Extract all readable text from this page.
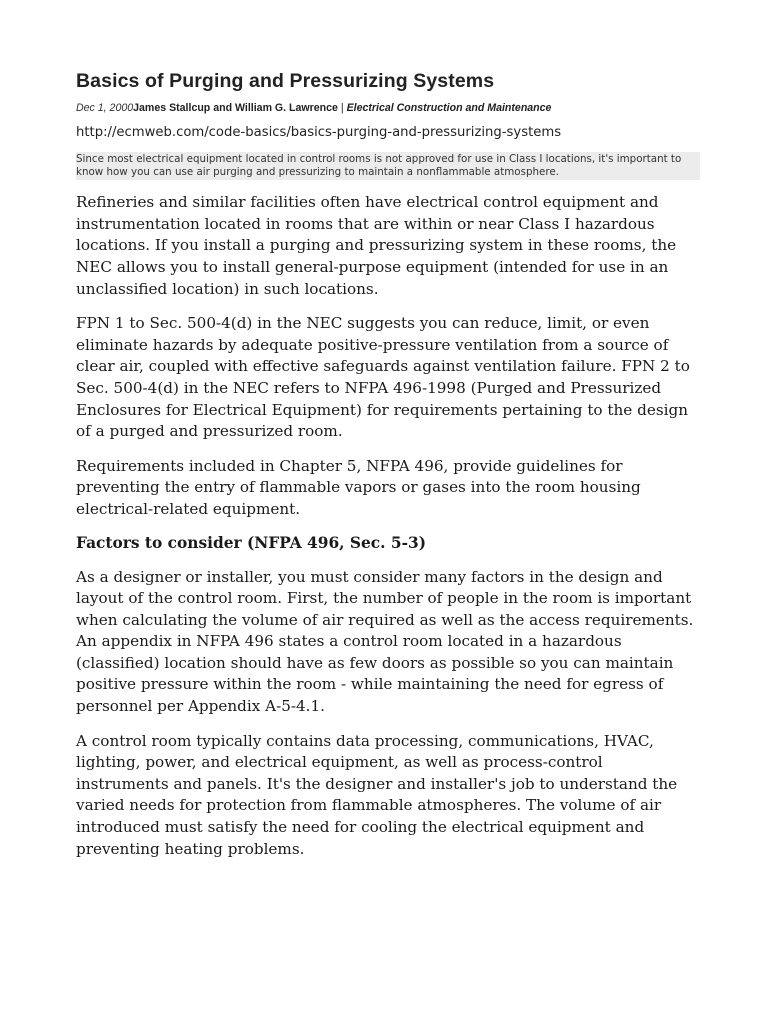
Basics of Purging and Pressurizing Systems
Dec 1, 2000James Stallcup and William G. Lawrence | Electrical Construction and Maintenance
http://ecmweb.com/code-basics/basics-purging-and-pressurizing-systems
Since most electrical equipment located in control rooms is not approved for use in Class I locations, it's important to know how you can use air purging and pressurizing to maintain a nonflammable atmosphere.

Refineries and similar facilities often have electrical control equipment and instrumentation located in rooms that are within or near Class I hazardous locations. If you install a purging and pressurizing system in these rooms, the NEC allows you to install general-purpose equipment (intended for use in an unclassified location) in such locations.

FPN 1 to Sec. 500-4(d) in the NEC suggests you can reduce, limit, or even eliminate hazards by adequate positive-pressure ventilation from a source of clear air, coupled with effective safeguards against ventilation failure. FPN 2 to Sec. 500-4(d) in the NEC refers to NFPA 496-1998 (Purged and Pressurized Enclosures for Electrical Equipment) for requirements pertaining to the design of a purged and pressurized room.

Requirements included in Chapter 5, NFPA 496, provide guidelines for preventing the entry of flammable vapors or gases into the room housing electrical-related equipment.

Factors to consider (NFPA 496, Sec. 5-3)

As a designer or installer, you must consider many factors in the design and layout of the control room. First, the number of people in the room is important when calculating the volume of air required as well as the access requirements. An appendix in NFPA 496 states a control room located in a hazardous (classified) location should have as few doors as possible so you can maintain positive pressure within the room - while maintaining the need for egress of personnel per Appendix A-5-4.1.

A control room typically contains data processing, communications, HVAC, lighting, power, and electrical equipment, as well as process-control instruments and panels. It's the designer and installer's job to understand the varied needs for protection from flammable atmospheres. The volume of air introduced must satisfy the need for cooling the electrical equipment and preventing heating problems.
